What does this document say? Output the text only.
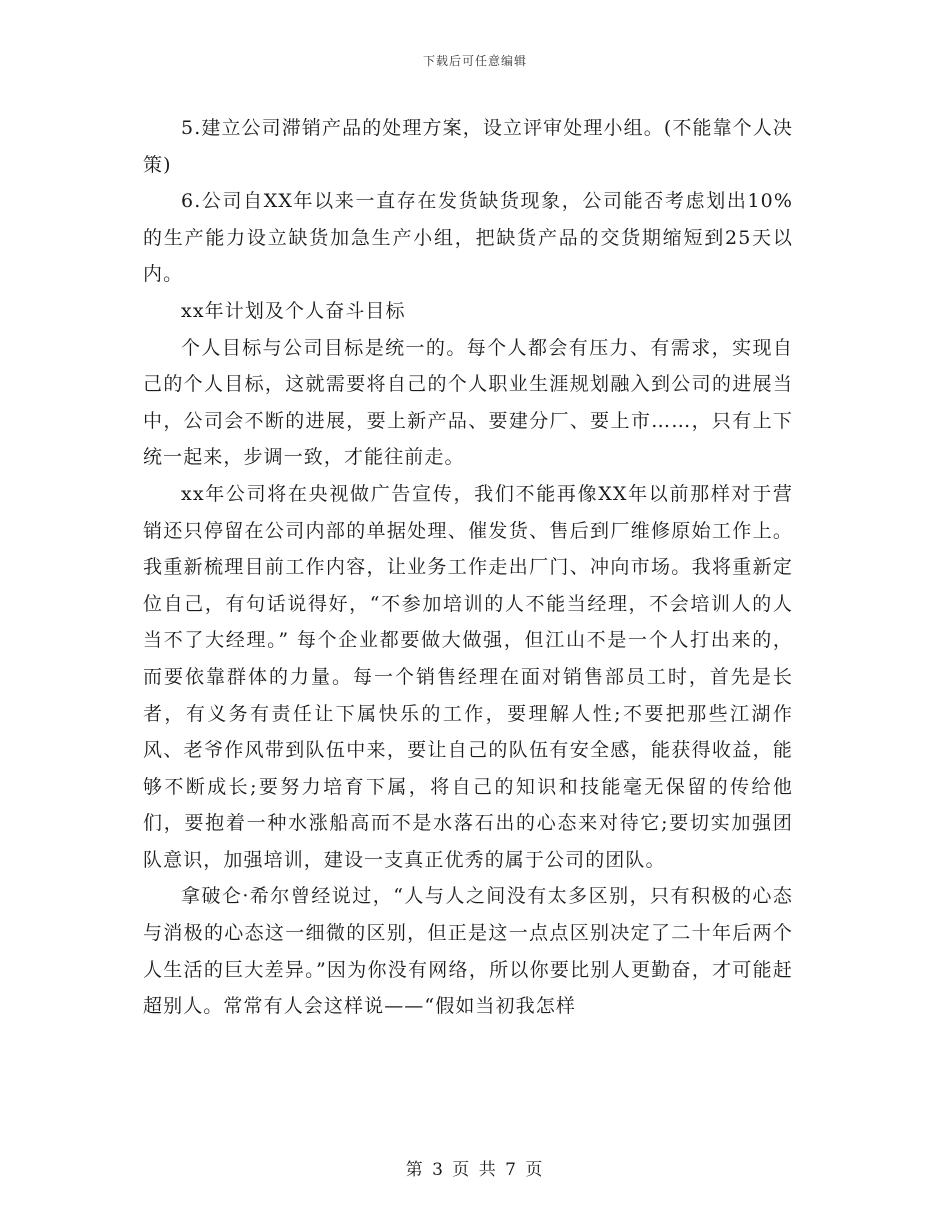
下载后可任意编辑

5.建立公司滞销产品的处理方案，设立评审处理小组。(不能靠个人决策)

6.公司自XX年以来一直存在发货缺货现象，公司能否考虑划出10%的生产能力设立缺货加急生产小组，把缺货产品的交货期缩短到25天以内。

xx年计划及个人奋斗目标

个人目标与公司目标是统一的。每个人都会有压力、有需求，实现自己的个人目标，这就需要将自己的个人职业生涯规划融入到公司的进展当中，公司会不断的进展，要上新产品、要建分厂、要上市……，只有上下统一起来，步调一致，才能往前走。

xx年公司将在央视做广告宣传，我们不能再像XX年以前那样对于营销还只停留在公司内部的单据处理、催发货、售后到厂维修原始工作上。我重新梳理目前工作内容，让业务工作走出厂门、冲向市场。我将重新定位自己，有句话说得好，“不参加培训的人不能当经理，不会培训人的人当不了大经理。” 每个企业都要做大做强，但江山不是一个人打出来的，而要依靠群体的力量。每一个销售经理在面对销售部员工时，首先是长者，有义务有责任让下属快乐的工作，要理解人性;不要把那些江湖作风、老爷作风带到队伍中来，要让自己的队伍有安全感，能获得收益，能够不断成长;要努力培育下属，将自己的知识和技能毫无保留的传给他们，要抱着一种水涨船高而不是水落石出的心态来对待它;要切实加强团队意识，加强培训，建设一支真正优秀的属于公司的团队。

拿破仑·希尔曾经说过，“人与人之间没有太多区别，只有积极的心态与消极的心态这一细微的区别，但正是这一点点区别决定了二十年后两个人生活的巨大差异。”因为你没有网络，所以你要比别人更勤奋，才可能赶超别人。常常有人会这样说——“假如当初我怎样

第 3 页 共 7 页
